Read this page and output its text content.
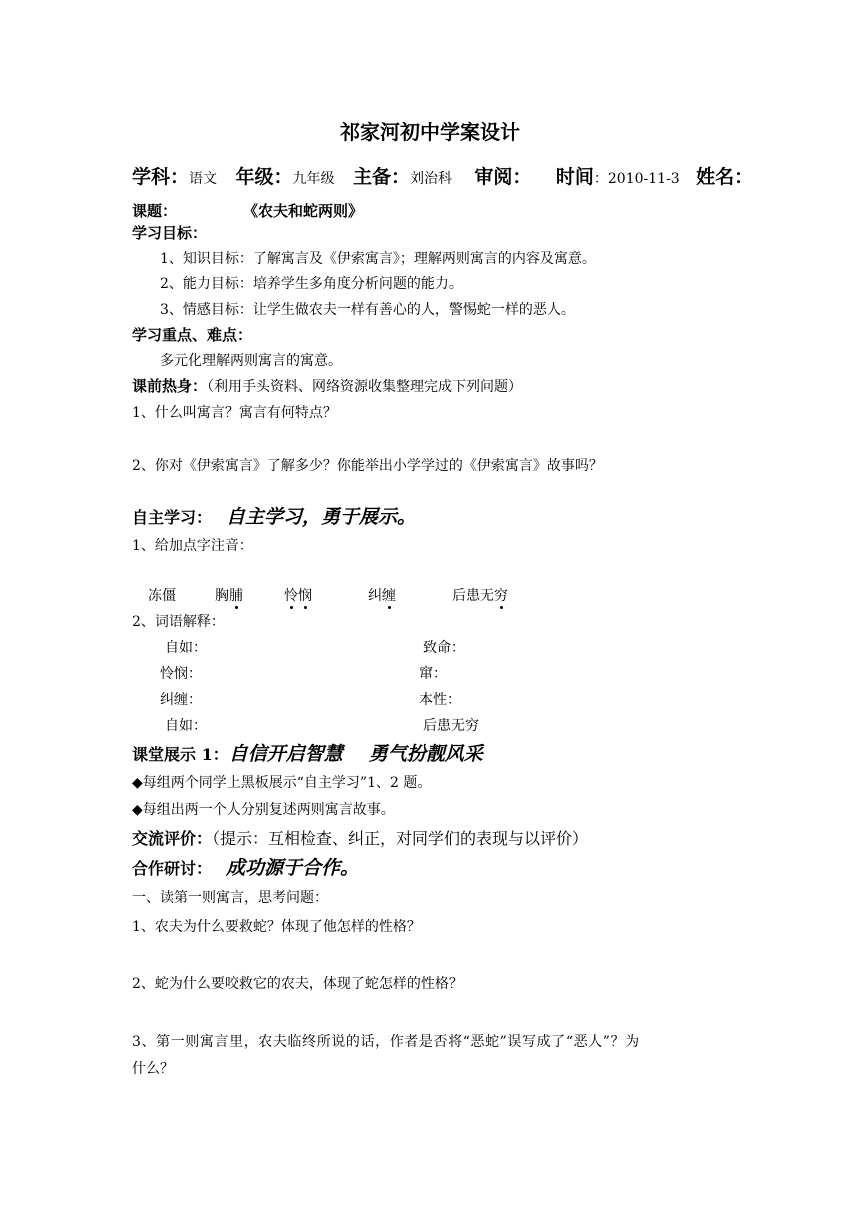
祁家河初中学案设计
学科：语文 年级：九年级 主备：刘治科 审阅： 时间：2010-11-3 姓名：
课题：	《农夫和蛇两则》
学习目标：
1、知识目标：了解寓言及《伊索寓言》；理解两则寓言的内容及寓意。
2、能力目标：培养学生多角度分析问题的能力。
3、情感目标：让学生做农夫一样有善心的人，警惕蛇一样的恶人。
学习重点、难点：
多元化理解两则寓言的寓意。
课前热身：（利用手头资料、网络资源收集整理完成下列问题）
1、什么叫寓言？寓言有何特点？
2、你对《伊索寓言》了解多少？你能举出小学学过的《伊索寓言》故事吗？
自主学习： 自主学习，勇于展示。
1、给加点字注音：
冻僵	胸脯	怜悯	纠缠	后患无穷
2、词语解释：
自如：	致命：
怜悯：	窜：
纠缠：	本性：
自如：	后患无穷
课堂展示 1：自信开启智慧 勇气扮靓风采
◆每组两个同学上黑板展示“自主学习”1、2 题。
◆每组出两一个人分别复述两则寓言故事。
交流评价：（提示：互相检查、纠正，对同学们的表现与以评价）
合作研讨： 成功源于合作。
一、读第一则寓言，思考问题：
1、农夫为什么要救蛇？体现了他怎样的性格？
2、蛇为什么要咬救它的农夫，体现了蛇怎样的性格？
3、第一则寓言里，农夫临终所说的话，作者是否将“恶蛇”误写成了“恶人”？为
什么？
